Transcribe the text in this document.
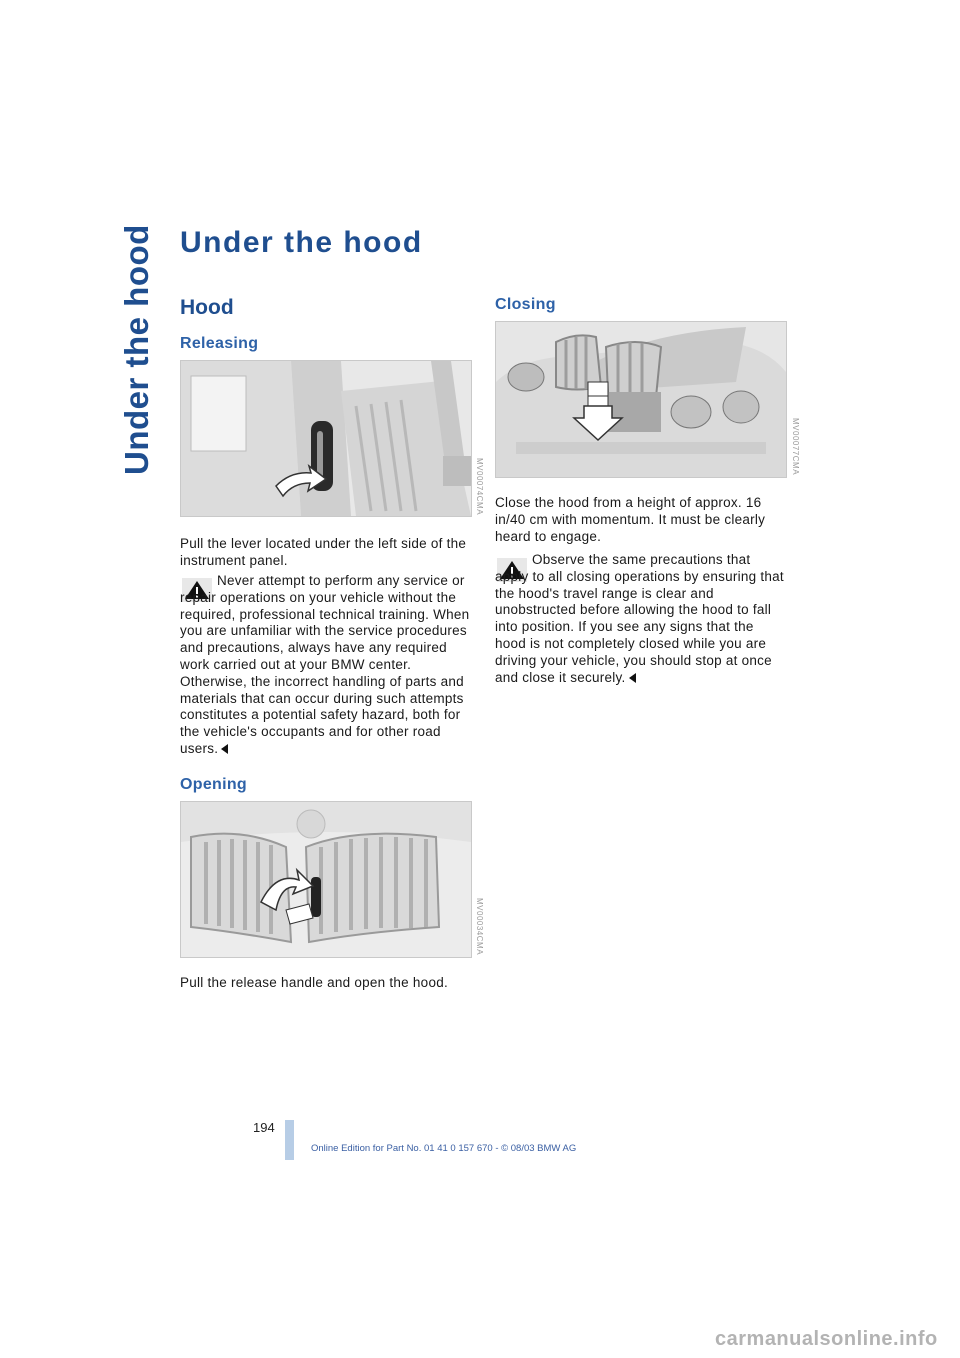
Under the hood Under the hood
Hood
Releasing
MV00074CMA

Pull the lever located under the left side of the instrument panel.

Never attempt to perform any service or repair operations on your vehicle without the required, professional technical training. When you are unfamiliar with the service procedures and precautions, always have any required work carried out at your BMW center. Otherwise, the incorrect handling of parts and materials that can occur during such attempts constitutes a potential safety hazard, both for the vehicle's occupants and for other road users.

Opening
MV00034CMA

Pull the release handle and open the hood.

Closing
MV00077CMA

Close the hood from a height of approx. 16 in/40 cm with momentum. It must be clearly heard to engage.

Observe the same precautions that apply to all closing operations by ensuring that the hood's travel range is clear and unobstructed before allowing the hood to fall into position. If you see any signs that the hood is not completely closed while you are driving your vehicle, you should stop at once and close it securely.

194
Online Edition for Part No. 01 41 0 157 670 - © 08/03 BMW AG
carmanualsonline.info
